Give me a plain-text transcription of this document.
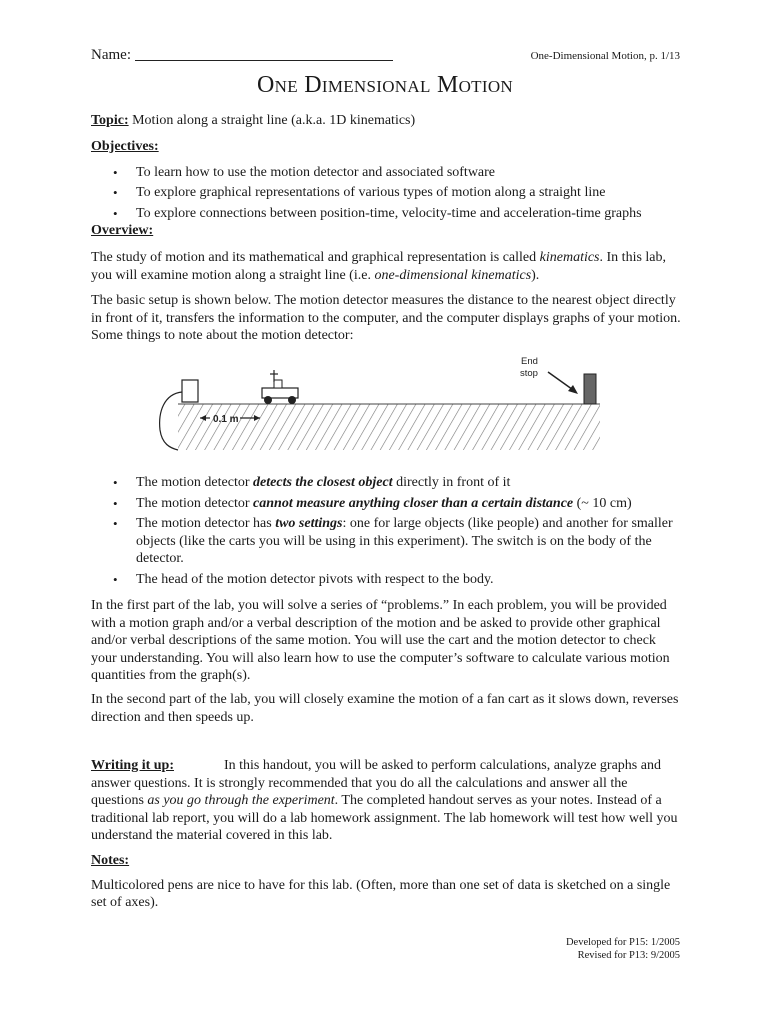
Name:	One-Dimensional Motion, p. 1/13
ONE DIMENSIONAL MOTION
Topic: Motion along a straight line (a.k.a. 1D kinematics)
Objectives:
• To learn how to use the motion detector and associated software
• To explore graphical representations of various types of motion along a straight line
• To explore connections between position-time, velocity-time and acceleration-time graphs
Overview:
The study of motion and its mathematical and graphical representation is called kinematics. In this lab, you will examine motion along a straight line (i.e. one-dimensional kinematics).
The basic setup is shown below. The motion detector measures the distance to the nearest object directly in front of it, transfers the information to the computer, and the computer displays graphs of your motion. Some things to note about the motion detector:
0.1 m
End
stop
• The motion detector detects the closest object directly in front of it
• The motion detector cannot measure anything closer than a certain distance (~ 10 cm)
• The motion detector has two settings: one for large objects (like people) and another for smaller objects (like the carts you will be using in this experiment). The switch is on the body of the detector.
• The head of the motion detector pivots with respect to the body.
In the first part of the lab, you will solve a series of “problems.” In each problem, you will be provided with a motion graph and/or a verbal description of the motion and be asked to provide other graphical and/or verbal descriptions of the same motion. You will use the cart and the motion detector to check your understanding. You will also learn how to use the computer’s software to calculate various motion quantities from the graph(s).
In the second part of the lab, you will closely examine the motion of a fan cart as it slows down, reverses direction and then speeds up.
Writing it up:	In this handout, you will be asked to perform calculations, analyze graphs and answer questions. It is strongly recommended that you do all the calculations and answer all the questions as you go through the experiment. The completed handout serves as your notes. Instead of a traditional lab report, you will do a lab homework assignment. The lab homework will test how well you understand the material covered in this lab.
Notes:
Multicolored pens are nice to have for this lab. (Often, more than one set of data is sketched on a single set of axes).
Developed for P15: 1/2005
Revised for P13: 9/2005
